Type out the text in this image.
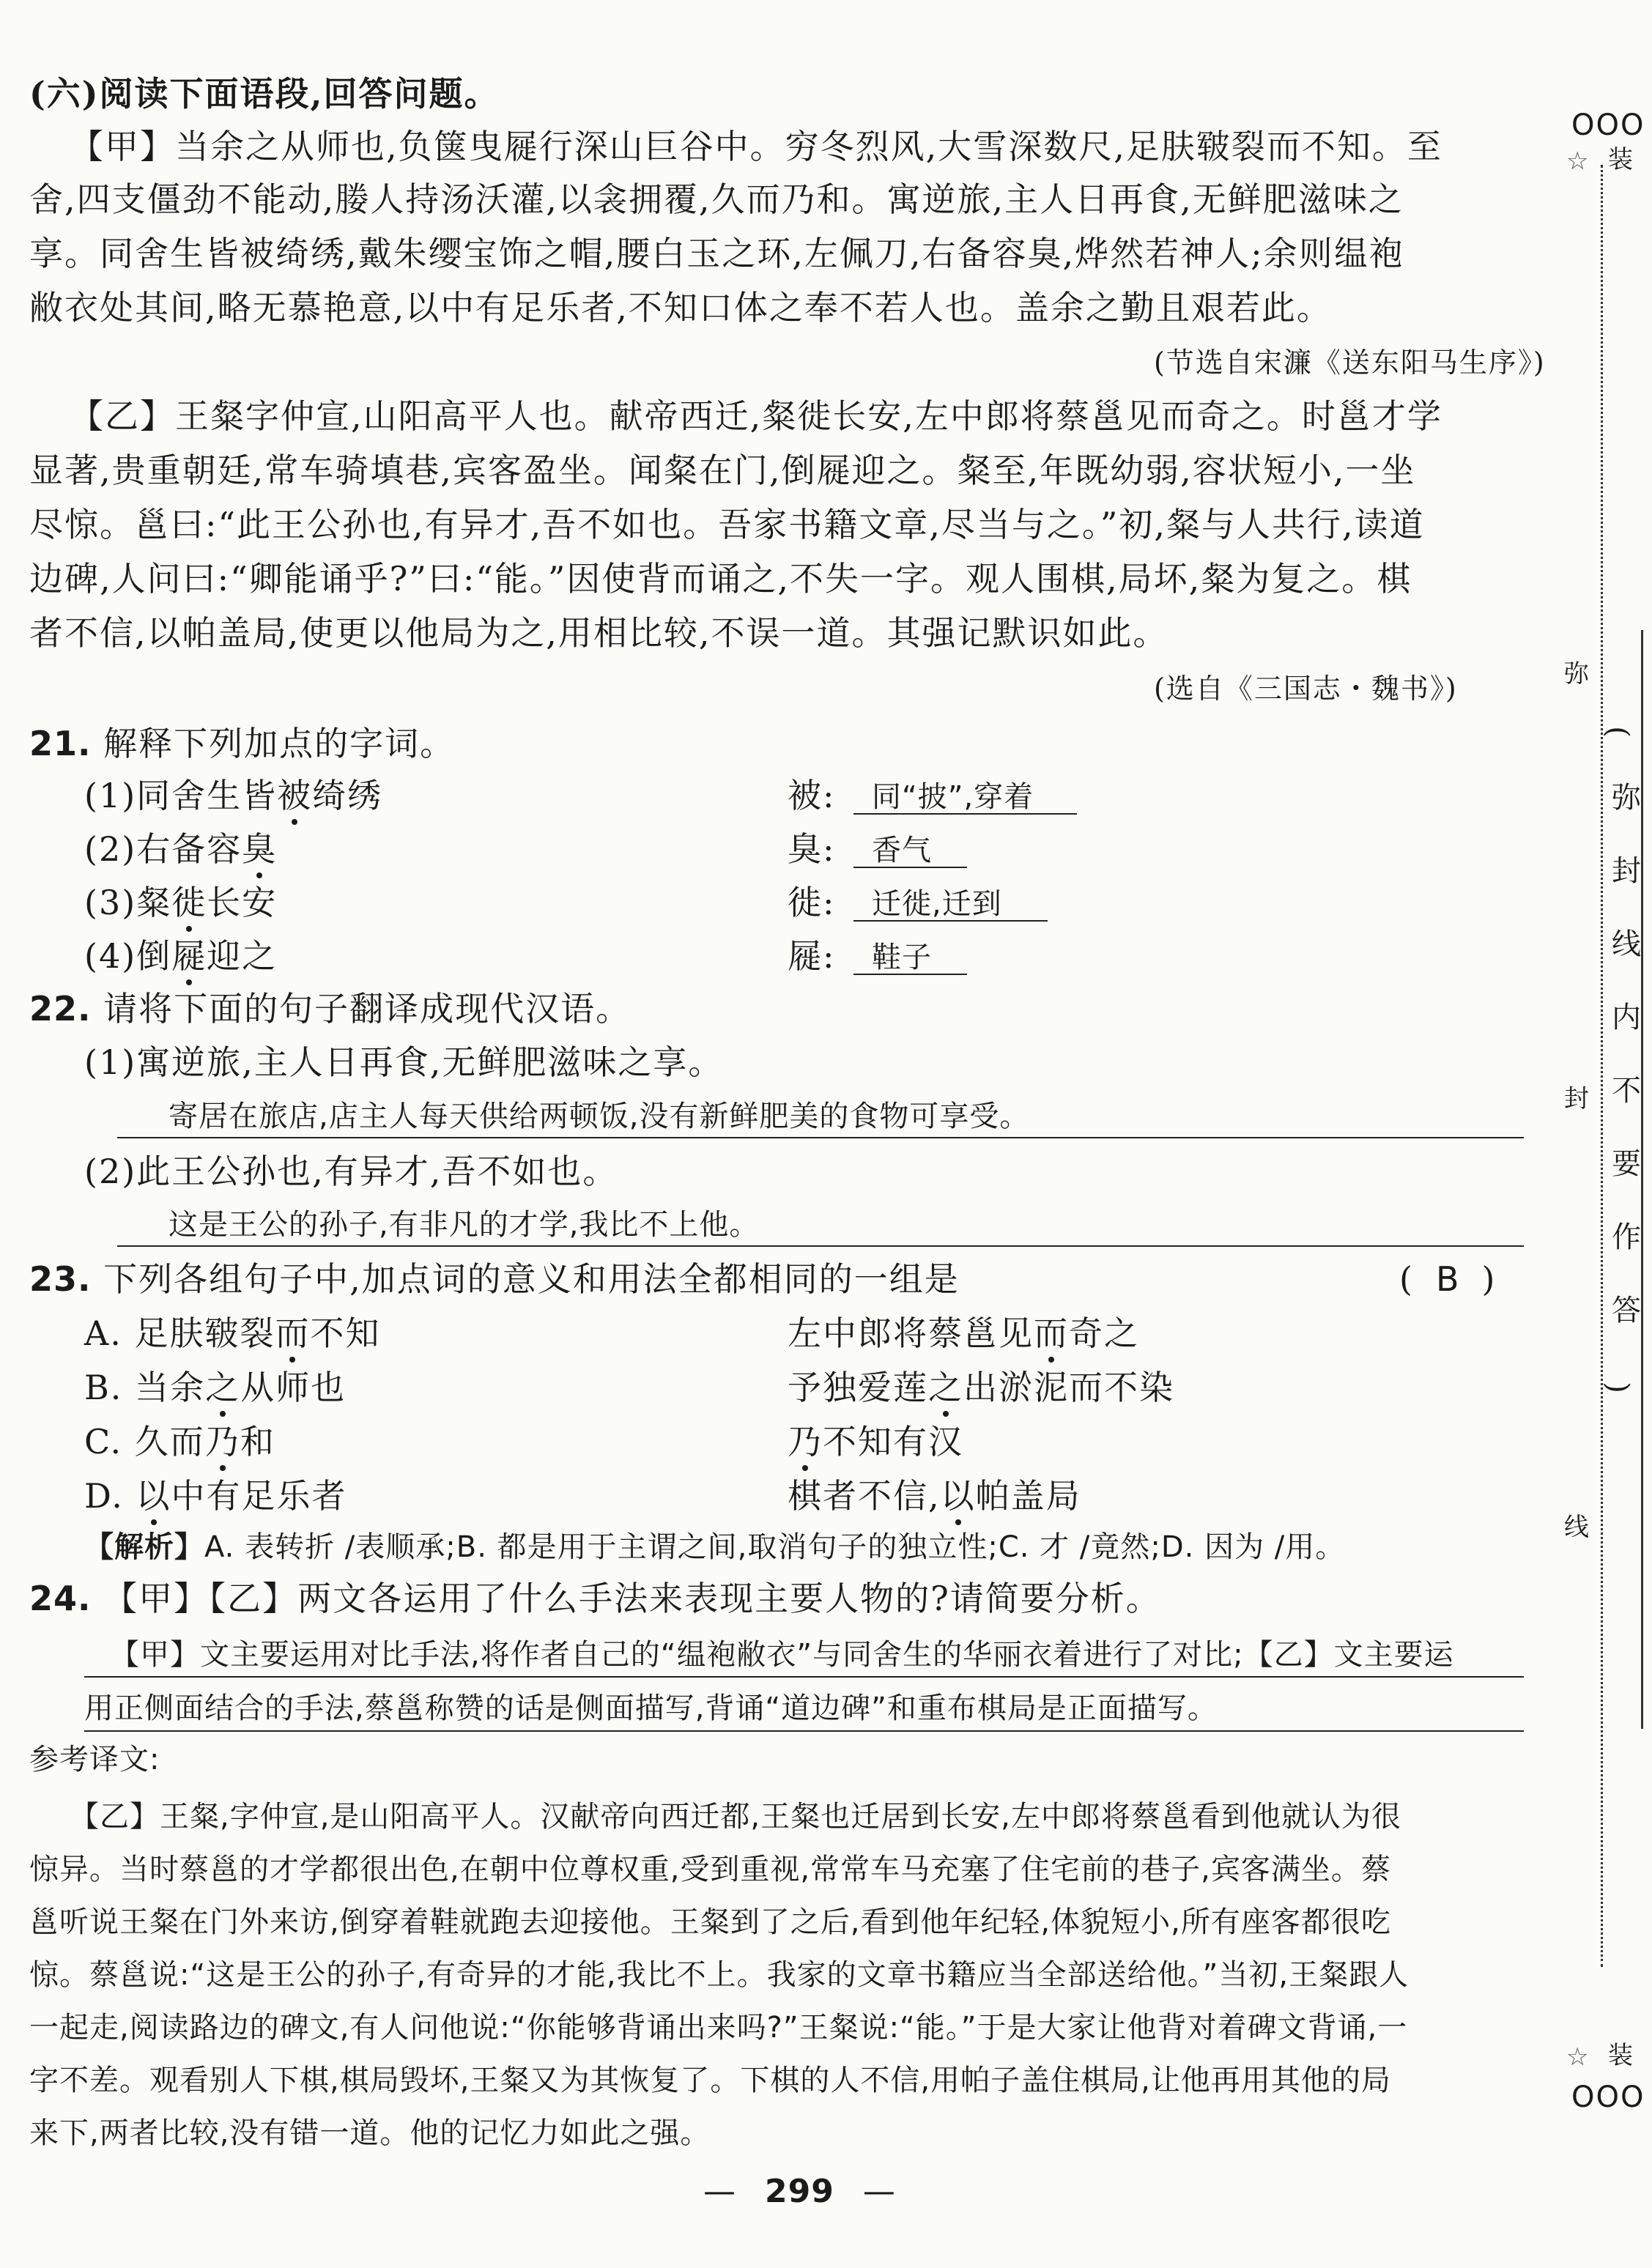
(六)阅读下面语段,回答问题。
【甲】当余之从师也,负箧曳屣行深山巨谷中。穷冬烈风,大雪深数尺,足肤皲裂而不知。至
舍,四支僵劲不能动,媵人持汤沃灌,以衾拥覆,久而乃和。寓逆旅,主人日再食,无鲜肥滋味之
享。同舍生皆被绮绣,戴朱缨宝饰之帽,腰白玉之环,左佩刀,右备容臭,烨然若神人;余则缊袍
敝衣处其间,略无慕艳意,以中有足乐者,不知口体之奉不若人也。盖余之勤且艰若此。
(节选自宋濂《送东阳马生序》)
【乙】王粲字仲宣,山阳高平人也。献帝西迁,粲徙长安,左中郎将蔡邕见而奇之。时邕才学
显著,贵重朝廷,常车骑填巷,宾客盈坐。闻粲在门,倒屣迎之。粲至,年既幼弱,容状短小,一坐
尽惊。邕曰:“此王公孙也,有异才,吾不如也。吾家书籍文章,尽当与之。”初,粲与人共行,读道
边碑,人问曰:“卿能诵乎?”曰:“能。”因使背而诵之,不失一字。观人围棋,局坏,粲为复之。棋
者不信,以帕盖局,使更以他局为之,用相比较,不误一道。其强记默识如此。
(选自《三国志・魏书》)
21. 解释下列加点的字词。
(1)同舍生皆被绮绣	被: 同“披”,穿着
(2)右备容臭	臭: 香气
(3)粲徙长安	徙: 迁徙,迁到
(4)倒屣迎之	屣: 鞋子
22. 请将下面的句子翻译成现代汉语。
(1)寓逆旅,主人日再食,无鲜肥滋味之享。
寄居在旅店,店主人每天供给两顿饭,没有新鲜肥美的食物可享受。
(2)此王公孙也,有异才,吾不如也。
这是王公的孙子,有非凡的才学,我比不上他。
23. 下列各组句子中,加点词的意义和用法全都相同的一组是	( B )
A. 足肤皲裂而不知	左中郎将蔡邕见而奇之
B. 当余之从师也	予独爱莲之出淤泥而不染
C. 久而乃和	乃不知有汉
D. 以中有足乐者	棋者不信,以帕盖局
【解析】A. 表转折 /表顺承;B. 都是用于主谓之间,取消句子的独立性;C. 才 /竟然;D. 因为 /用。
24. 【甲】【乙】两文各运用了什么手法来表现主要人物的?请简要分析。
【甲】文主要运用对比手法,将作者自己的“缊袍敝衣”与同舍生的华丽衣着进行了对比;【乙】文主要运
用正侧面结合的手法,蔡邕称赞的话是侧面描写,背诵“道边碑”和重布棋局是正面描写。
参考译文:
【乙】王粲,字仲宣,是山阳高平人。汉献帝向西迁都,王粲也迁居到长安,左中郎将蔡邕看到他就认为很
惊异。当时蔡邕的才学都很出色,在朝中位尊权重,受到重视,常常车马充塞了住宅前的巷子,宾客满坐。蔡
邕听说王粲在门外来访,倒穿着鞋就跑去迎接他。王粲到了之后,看到他年纪轻,体貌短小,所有座客都很吃
惊。蔡邕说:“这是王公的孙子,有奇异的才能,我比不上。我家的文章书籍应当全部送给他。”当初,王粲跟人
一起走,阅读路边的碑文,有人问他说:“你能够背诵出来吗?”王粲说:“能。”于是大家让他背对着碑文背诵,一
字不差。观看别人下棋,棋局毁坏,王粲又为其恢复了。下棋的人不信,用帕子盖住棋局,让他再用其他的局
来下,两者比较,没有错一道。他的记忆力如此之强。
— 299 —
OOO
☆ 装
弥
封
线
(
弥
封
线
内
不
要
作
答
)
☆ 装
OOO
